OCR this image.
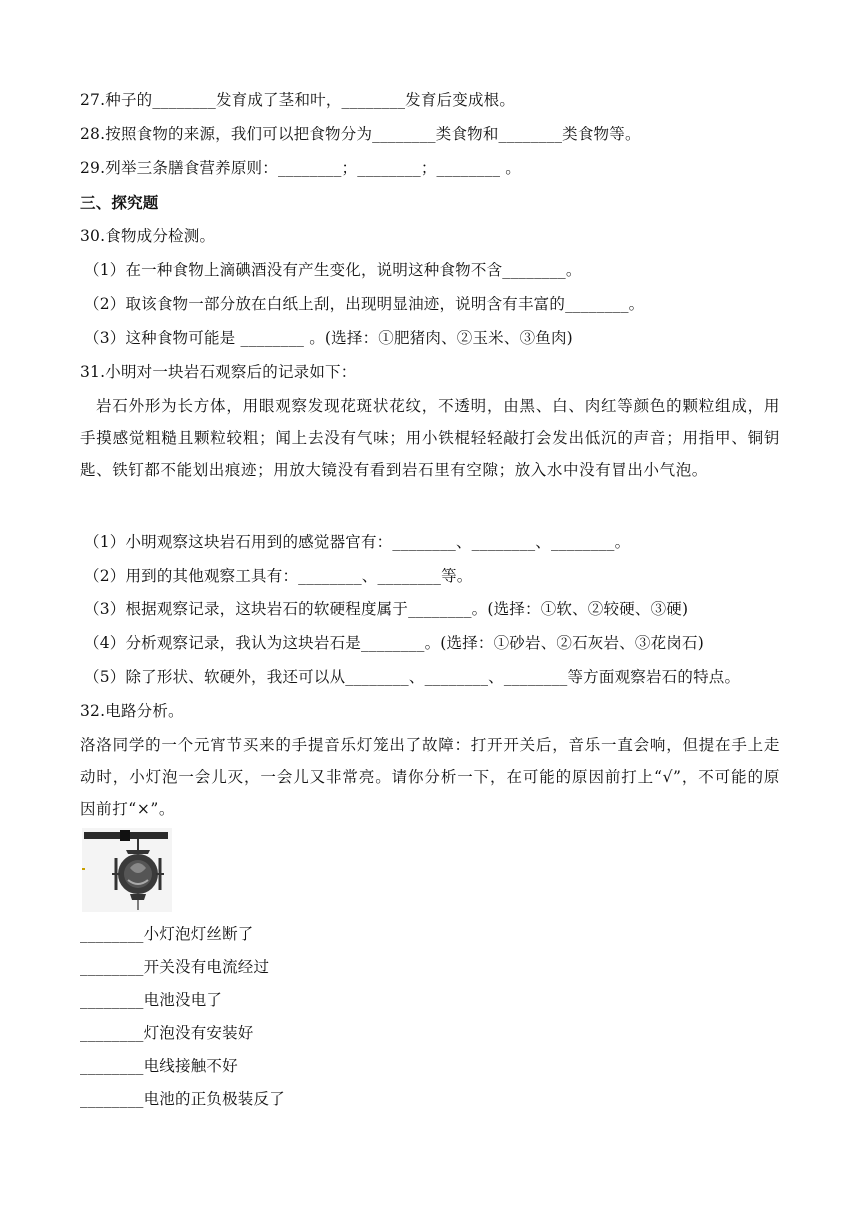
27.种子的________发育成了茎和叶，________发育后变成根。
28.按照食物的来源，我们可以把食物分为________类食物和________类食物等。
29.列举三条膳食营养原则：________；________；________ 。
三、探究题
30.食物成分检测。
（1）在一种食物上滴碘酒没有产生变化，说明这种食物不含________。
（2）取该食物一部分放在白纸上刮，出现明显油迹，说明含有丰富的________。
（3）这种食物可能是 ________ 。(选择：①肥猪肉、②玉米、③鱼肉)
31.小明对一块岩石观察后的记录如下：
岩石外形为长方体，用眼观察发现花斑状花纹，不透明，由黑、白、肉红等颜色的颗粒组成，用手摸感觉粗糙且颗粒较粗；闻上去没有气味；用小铁棍轻轻敲打会发出低沉的声音；用指甲、铜钥匙、铁钉都不能划出痕迹；用放大镜没有看到岩石里有空隙；放入水中没有冒出小气泡。
（1）小明观察这块岩石用到的感觉器官有：________、________、________。
（2）用到的其他观察工具有：________、________等。
（3）根据观察记录，这块岩石的软硬程度属于________。(选择：①软、②较硬、③硬)
（4）分析观察记录，我认为这块岩石是________。(选择：①砂岩、②石灰岩、③花岗石)
（5）除了形状、软硬外，我还可以从________、________、________等方面观察岩石的特点。
32.电路分析。
洛洛同学的一个元宵节买来的手提音乐灯笼出了故障：打开开关后，音乐一直会响，但提在手上走动时，小灯泡一会儿灭，一会儿又非常亮。请你分析一下，在可能的原因前打上“√”，不可能的原因前打“×”。
________小灯泡灯丝断了
________开关没有电流经过
________电池没电了
________灯泡没有安装好
________电线接触不好
________电池的正负极装反了
